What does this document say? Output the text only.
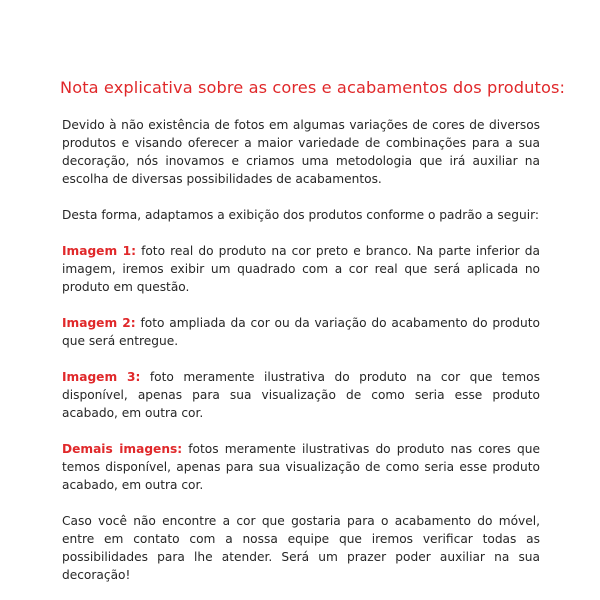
Nota explicativa sobre as cores e acabamentos dos produtos:

Devido à não existência de fotos em algumas variações de cores de diversos produtos e visando oferecer a maior variedade de combinações para a sua decoração, nós inovamos e criamos uma metodologia que irá auxiliar na escolha de diversas possibilidades de acabamentos.

Desta forma, adaptamos a exibição dos produtos conforme o padrão a seguir:

Imagem 1: foto real do produto na cor preto e branco. Na parte inferior da imagem, iremos exibir um quadrado com a cor real que será aplicada no produto em questão.

Imagem 2: foto ampliada da cor ou da variação do acabamento do produto que será entregue.

Imagem 3: foto meramente ilustrativa do produto na cor que temos disponível, apenas para sua visualização de como seria esse produto acabado, em outra cor.

Demais imagens: fotos meramente ilustrativas do produto nas cores que temos disponível, apenas para sua visualização de como seria esse produto acabado, em outra cor.

Caso você não encontre a cor que gostaria para o acabamento do móvel, entre em contato com a nossa equipe que iremos verificar todas as possibilidades para lhe atender. Será um prazer poder auxiliar na sua decoração!
